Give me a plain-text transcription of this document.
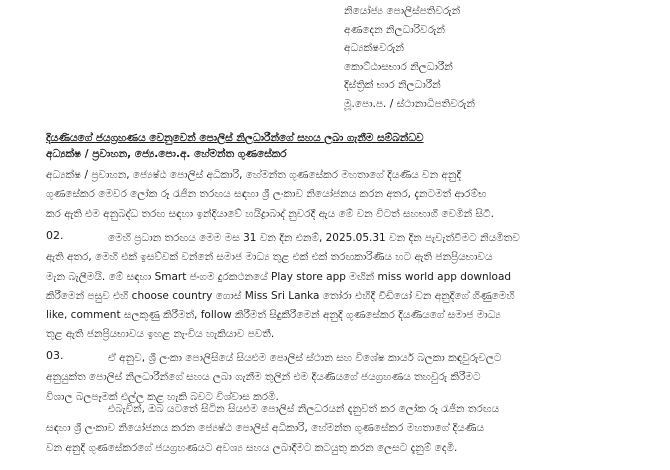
නියෝජ්‍ය පොලිස්පතිවරුන්
අණදෙන නිලධාරිවරුන්
අධ්‍යක්ෂවරුන්
කොට්ඨාසභාර නිලධාරීන්
දිස්ත්‍රික් භාර නිලධාරීන්
මූ.පො.ප. / ස්ථානාධිපතිවරුන්
දියණියගේ ජයග්‍රහණය වෙනුවෙන් පොලිස් නිලධාරීන්ගේ සහය ලබා ගැනීම සම්බන්ධව
අධ්‍යක්ෂ / ප්‍රවාහන, ජ්‍යෙ.පො.අ. හේමන්ත ගුණසේකර
අධ්‍යක්ෂ / ප්‍රවාහන, ජ්‍යෙෂ්ඨ පොලිස් අධිකාරි, හේමන්ත ගුණසේකර මහතාගේ දියණිය වන අනුදි
ගුණසේකර මෙවර ලෝක රූ රැජින තරඟය සඳහා ශ්‍රී ලංකාව නියෝජනය කරන අතර, දැනටමත් ආරම්භ
කර ඇති එම අනුබද්ධ තරඟ සඳහා ඉන්දියාවේ හයිද්‍රාබාද් නුවරදී ඇය මේ වන විටත් සහභාගී වෙමින් සිටී.
02.	මෙහි ප්‍රධාන තරඟය මෙම මස 31 වන දින එනම්, 2025.05.31 වන දින පැවැත්වීමට නියමිතව
ඇති අතර, මෙහි එක් ඉසව්වක් වන්නේ සමාජ මාධ්‍ය තුළ එක් එක් තරඟකාරිණිය හට ඇති ජනප්‍රියභාවය
මැන බැලීමයි. මේ සඳහා Smart ජංගම දුරකථනයේ Play store app මඟින් miss world app download
කිරීමෙන් පසුව එහි choose country ගොස් Miss Sri Lanka තෝරා එහිදී වීඩියෝ වන අනුදිගේ ගිණුමෙහි
like, comment සලකුණු කිරීමත්, follow කිරීමත් සිදුකිරීමෙන් අනුදි ගුණසේකර දියණියගේ සමාජ මාධ්‍ය
තුළ ඇති ජනප්‍රියභාවය ඉහළ නැංවිය හැකියාව පවතී.
03.	ඒ අනුව, ශ්‍රී ලංකා පොලිසියේ සියළුම පොලිස් ස්ථාන සහ විශේෂ කාර්ය බලකා කඳවුරුවලට
අනුයුක්ත පොලිස් නිලධාරීන්ගේ සහය ලබා ගැනීම තුලින් එම දියණියගේ ජයග්‍රහණය තහවුරු කිරීමට
විශාල බලපෑමක් එල්ල කළ හැකි බවට විශ්වාස කරමි.
එබැවින්, ඔබ යටතේ සිටින සියළුම පොලිස් නිලධරයන් දැනුවත් කර ලෝක රූ රැජින තරඟය
සඳහා ශ්‍රී ලංකාව නියෝජනය කරන ජ්‍යෙෂ්ඨ පොලිස් අධිකාරි, හේමන්ත ගුණසේකර මහතාගේ දියණිය
වන අනුදි ගුණසේකරගේ ජයග්‍රහණයට අවශ්‍ය සහය ලබාදීමට කටයුතු කරන ලෙසට දැනුම් දෙමි.
